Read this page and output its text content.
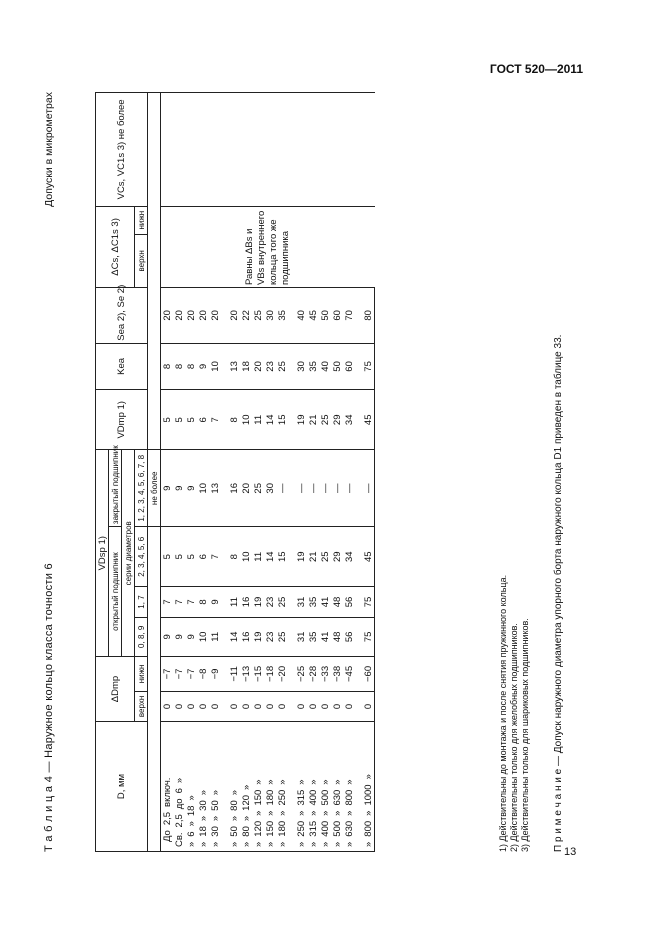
ГОСТ 520—2011
Т а б л и ц а 4 — Наружное кольцо класса точности 6
Допуски в микрометрах
D, мм	ΔDmp		VDsp 1)				VDmp 1)	Kea	Sea 2), Se 2)	ΔCs, ΔC1s 3)		VCs, VC1s 3) не более
			открытый подшипник			закрытый подшипник						
			серии диаметров									
	верхн	нижн	0, 8, 9	1, 7	2, 3, 4, 5, 6	1, 2, 3, 4, 5, 6, 7, 8				верхн	нижн	
						не более						
До2,5включ.	0	−7	9	7	5	9	5	8	20	Равны ΔBs и VBs внутреннего кольца того же подшипника		
Св.2,5до6»	0	−7	9	7	5	9	5	8	20			
»6»18»	0	−7	9	7	5	9	5	8	20			
»18»30»	0	−8	10	8	6	10	6	9	20			
»30»50»	0	−9	11	9	7	13	7	10	20			

»50»80»	0	−11	14	11	8	16	8	13	20			
»80»120»	0	−13	16	16	10	20	10	18	22			
»120»150»	0	−15	19	19	11	25	11	20	25			
»150»180»	0	−18	23	23	14	30	14	23	30			
»180»250»	0	−20	25	25	15	—	15	25	35			

»250»315»	0	−25	31	31	19	—	19	30	40			
»315»400»	0	−28	35	35	21	—	21	35	45			
»400»500»	0	−33	41	41	25	—	25	40	50			
»500»630»	0	−38	48	48	29	—	29	50	60			
»630»800»	0	−45	56	56	34	—	34	60	70			

»800»1000»	0	−60	75	75	45	—	45	75	80			
1) Действительны до монтажа и после снятия пружинного кольца. 2) Действительны только для желобных подшипников. 3) Действительны только для шариковых подшипников. П р и м е ч а н и е — Допуск наружного диаметра упорного борта наружного кольца D1 приведен в таблице 33. 13
